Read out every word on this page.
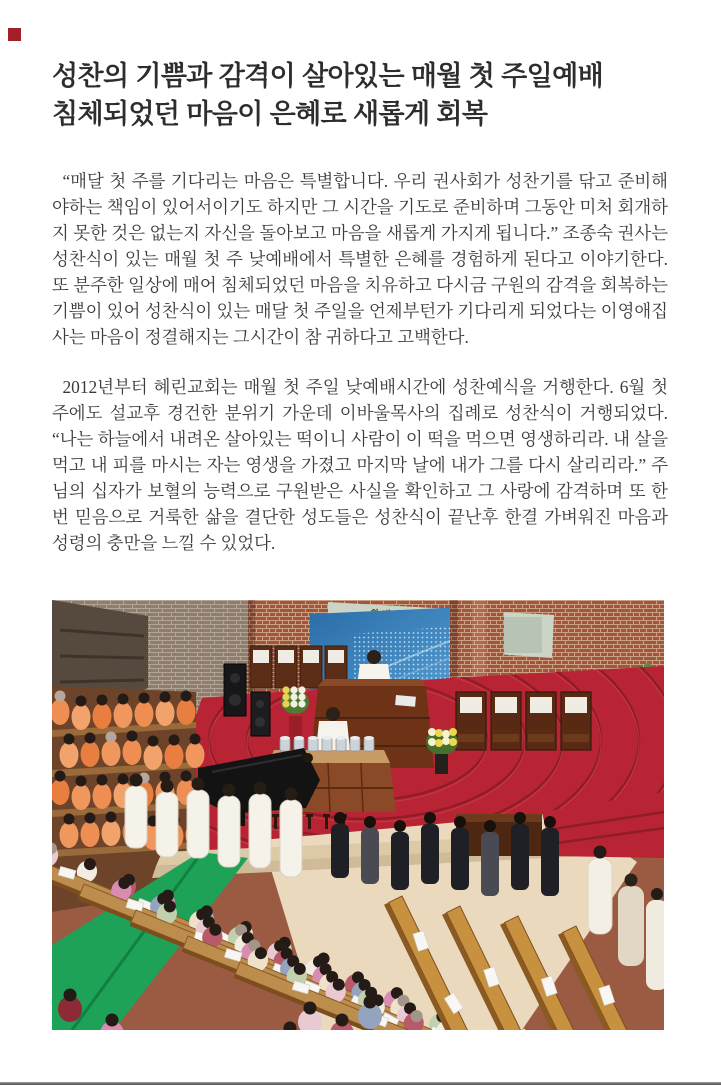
성찬의 기쁨과 감격이 살아있는 매월 첫 주일예배
침체되었던 마음이 은혜로 새롭게 회복

“매달 첫 주를 기다리는 마음은 특별합니다. 우리 권사회가 성찬기를 닦고 준비해야하는 책임이 있어서이기도 하지만 그 시간을 기도로 준비하며 그동안 미처 회개하지 못한 것은 없는지 자신을 돌아보고 마음을 새롭게 가지게 됩니다.” 조종숙 권사는 성찬식이 있는 매월 첫 주 낮예배에서 특별한 은혜를 경험하게 된다고 이야기한다. 또 분주한 일상에 매어 침체되었던 마음을 치유하고 다시금 구원의 감격을 회복하는 기쁨이 있어 성찬식이 있는 매달 첫 주일을 언제부턴가 기다리게 되었다는 이영애집사는 마음이 정결해지는 그시간이 참 귀하다고 고백한다.

2012년부터 혜린교회는 매월 첫 주일 낮예배시간에 성찬예식을 거행한다. 6월 첫 주에도 설교후 경건한 분위기 가운데 이바울목사의 집례로 성찬식이 거행되었다. “나는 하늘에서 내려온 살아있는 떡이니 사람이 이 떡을 먹으면 영생하리라. 내 살을 먹고 내 피를 마시는 자는 영생을 가졌고 마지막 날에 내가 그를 다시 살리리라.” 주님의 십자가 보혈의 능력으로 구원받은 사실을 확인하고 그 사랑에 감격하며 또 한번 믿음으로 거룩한 삶을 결단한 성도들은 성찬식이 끝난후 한결 가벼워진 마음과 성령의 충만을 느낄 수 있었다.
